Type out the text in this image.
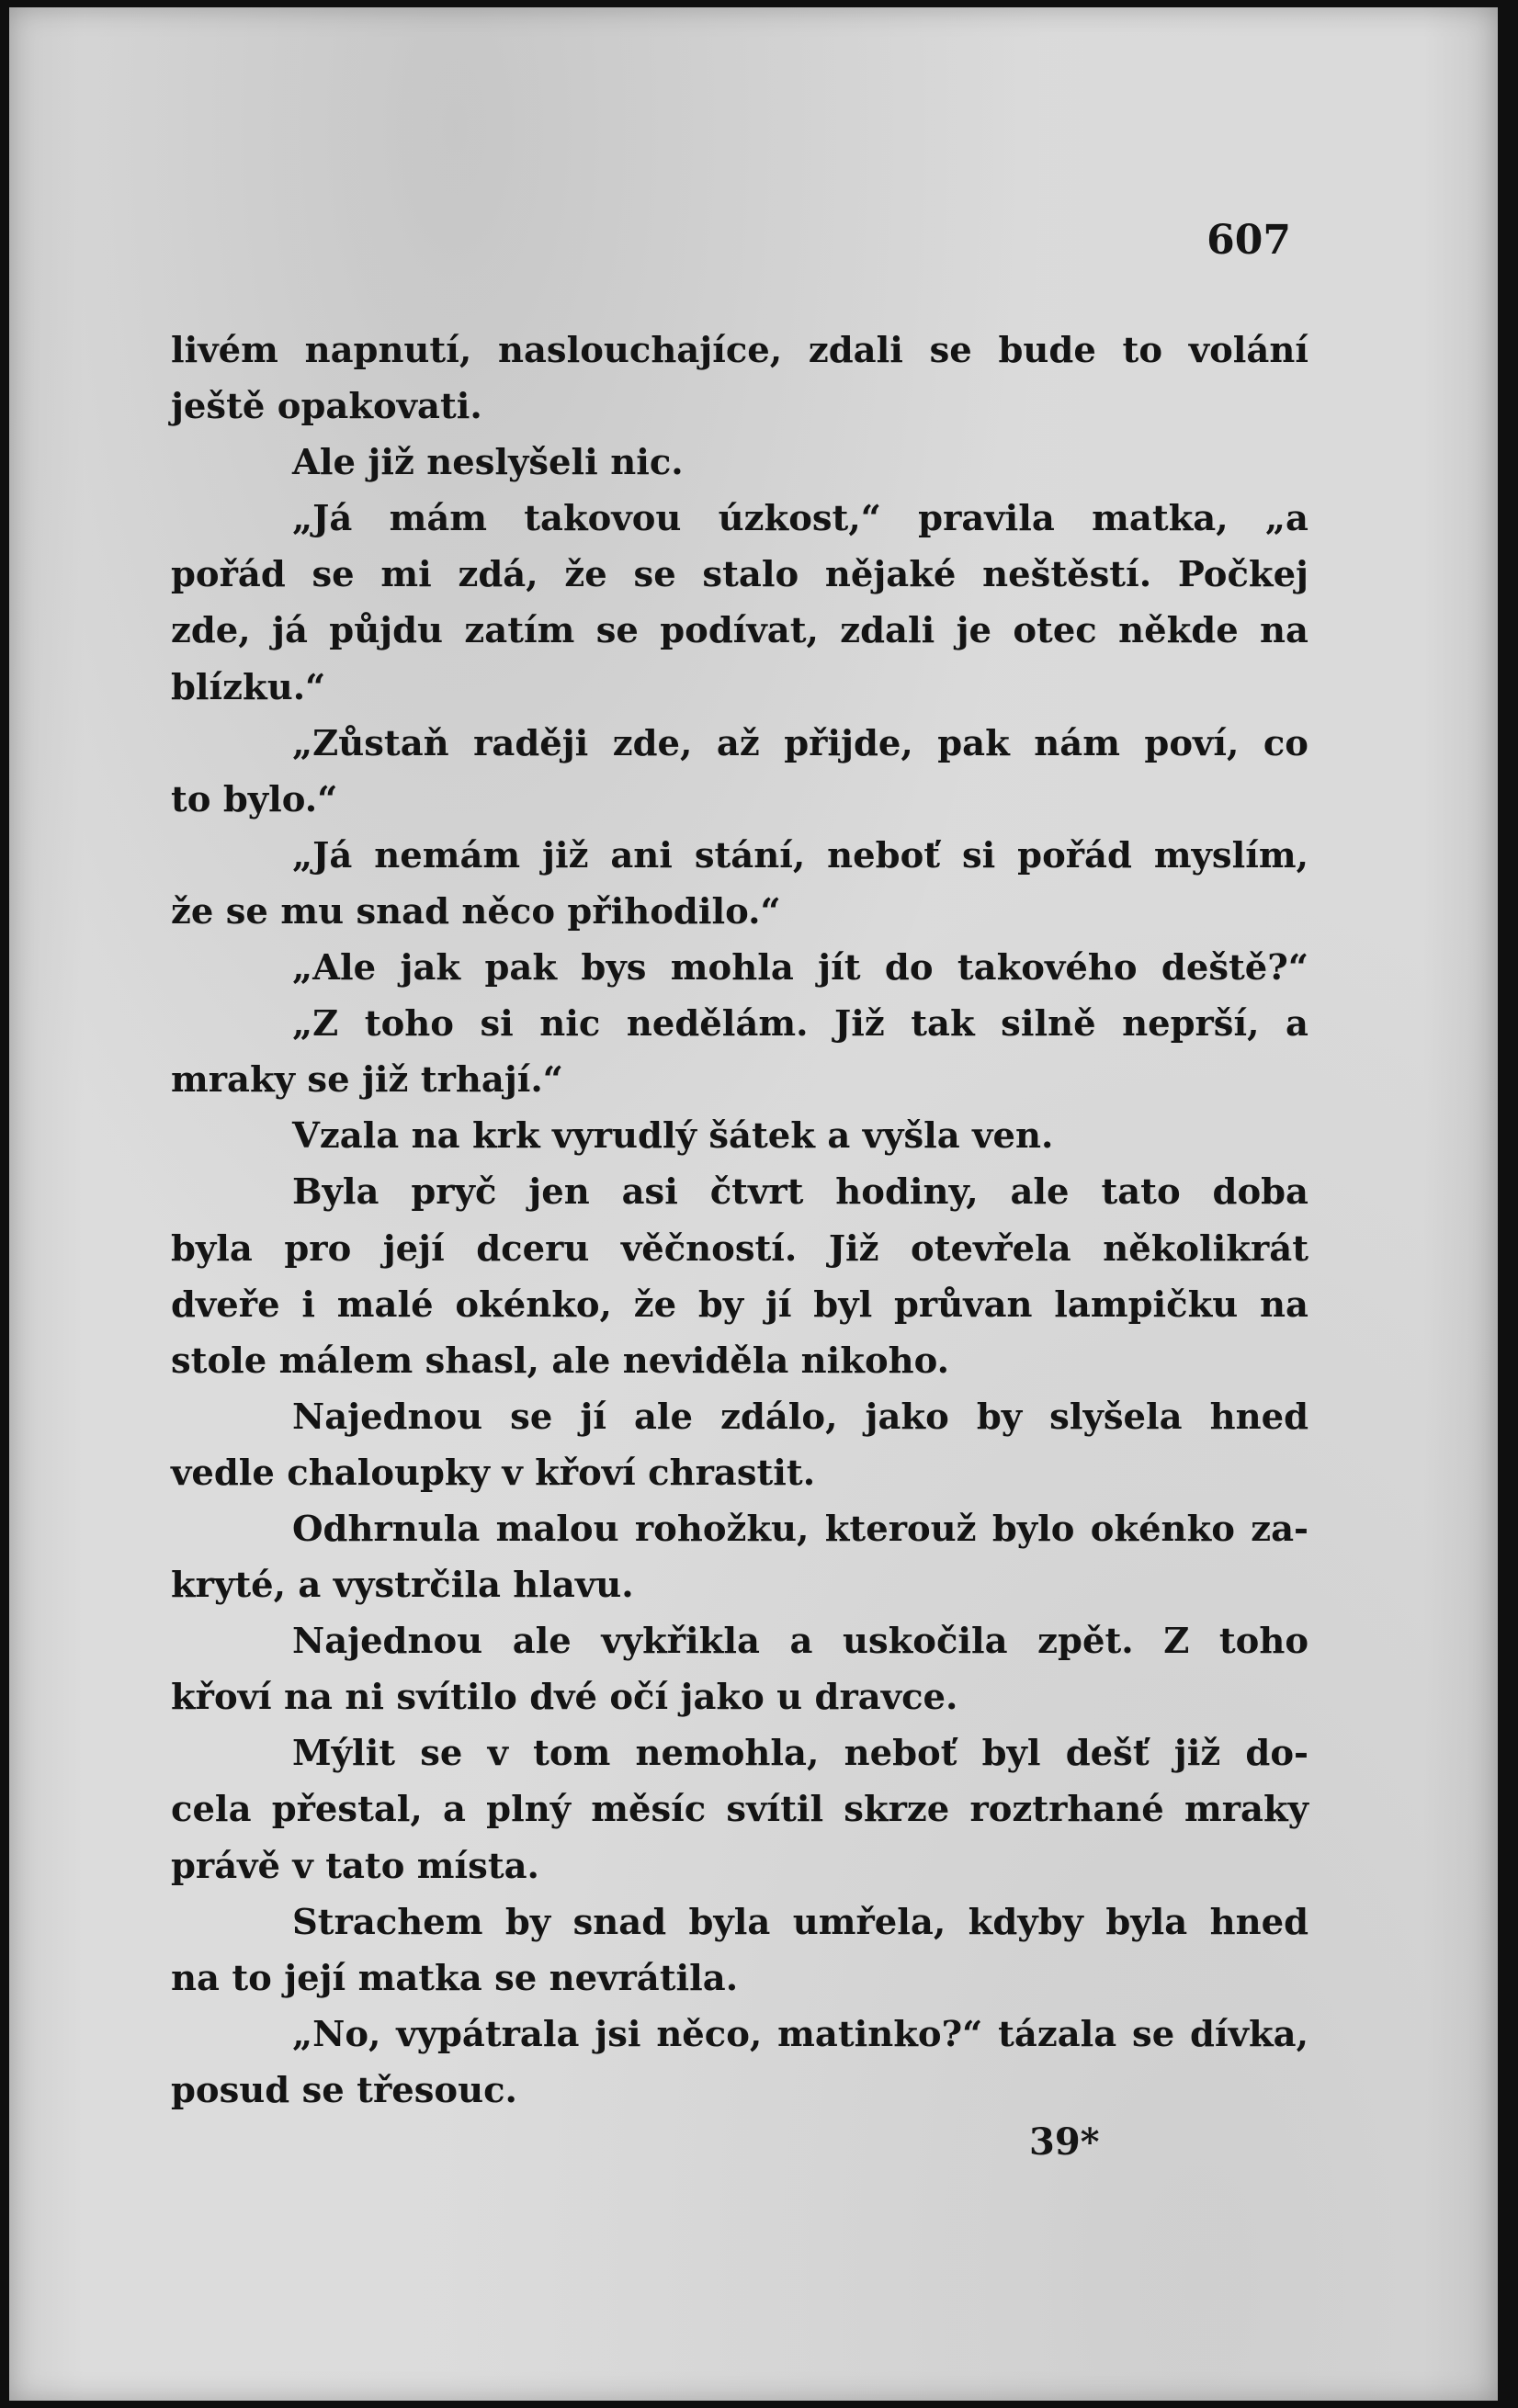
607
livém napnutí, naslouchajíce, zdali se bude to volání
ještě opakovati.
Ale již neslyšeli nic.
„Já mám takovou úzkost,“ pravila matka, „a
pořád se mi zdá, že se stalo nějaké neštěstí. Počkej
zde, já půjdu zatím se podívat, zdali je otec někde na
blízku.“
„Zůstaň raději zde, až přijde, pak nám poví, co
to bylo.“
„Já nemám již ani stání, neboť si pořád myslím,
že se mu snad něco přihodilo.“
„Ale jak pak bys mohla jít do takového deště?“
„Z toho si nic nedělám. Již tak silně neprší, a
mraky se již trhají.“
Vzala na krk vyrudlý šátek a vyšla ven.
Byla pryč jen asi čtvrt hodiny, ale tato doba
byla pro její dceru věčností. Již otevřela několikrát
dveře i malé okénko, že by jí byl průvan lampičku na
stole málem shasl, ale neviděla nikoho.
Najednou se jí ale zdálo, jako by slyšela hned
vedle chaloupky v křoví chrastit.
Odhrnula malou rohožku, kterouž bylo okénko za-
kryté, a vystrčila hlavu.
Najednou ale vykřikla a uskočila zpět. Z toho
křoví na ni svítilo dvé očí jako u dravce.
Mýlit se v tom nemohla, neboť byl dešť již do-
cela přestal, a plný měsíc svítil skrze roztrhané mraky
právě v tato místa.
Strachem by snad byla umřela, kdyby byla hned
na to její matka se nevrátila.
„No, vypátrala jsi něco, matinko?“ tázala se dívka,
posud se třesouc.
39*
